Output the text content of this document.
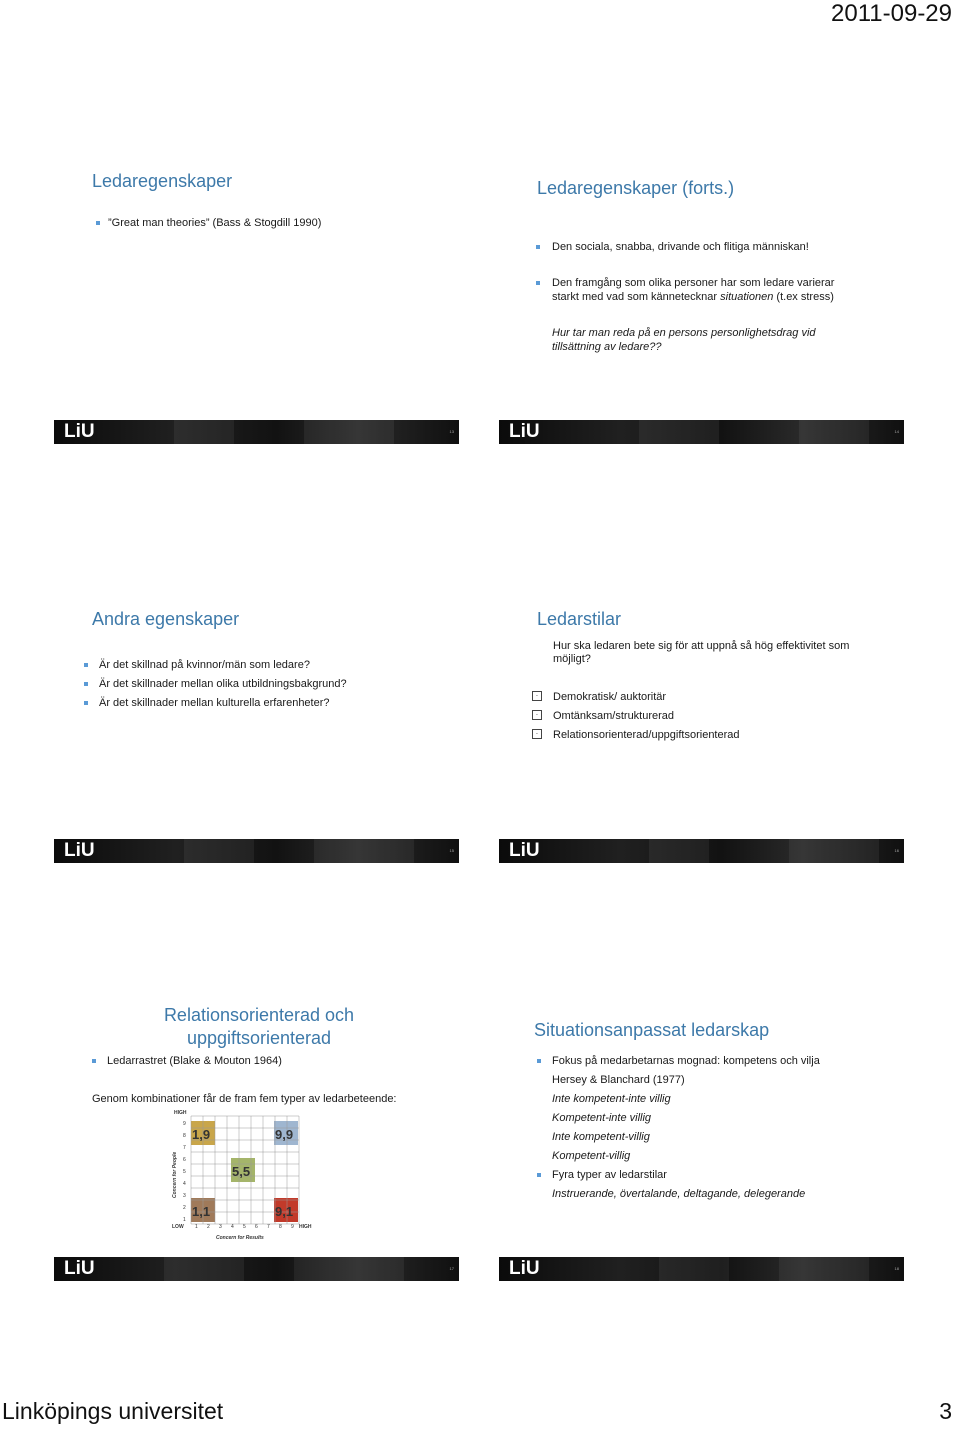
2011-09-29
Linköpings universitet	3
Ledaregenskaper
”Great man theories” (Bass & Stogdill 1990)
LiU	13
Ledaregenskaper (forts.)
Den sociala, snabba, drivande och flitiga människan!
Den framgång som olika personer har som ledare varierar
starkt med vad som kännetecknar situationen (t.ex stress)
Hur tar man reda på en persons personlighetsdrag vid
tillsättning av ledare??
LiU	14
Andra egenskaper
Är det skillnad på kvinnor/män som ledare?
Är det skillnader mellan olika utbildningsbakgrund?
Är det skillnader mellan kulturella erfarenheter?
LiU	15
Ledarstilar
Hur ska ledaren bete sig för att uppnå så hög effektivitet som
möjligt?
·	Demokratisk/ auktoritär
·	Omtänksam/strukturerad
·	Relationsorienterad/uppgiftsorienterad
LiU	16
Relationsorienterad och
uppgiftsorienterad
Ledarrastret (Blake & Mouton 1964)
Genom kombinationer får de fram fem typer av ledarbeteende:
HIGH
LOW	HIGH
1
2
3
4
5
6
7
8
9
1 2 3 4 5 6 7 8 9
Concern for People
Concern for Results
1,9	9,9
5,5
1,1	9,1
LiU	17
Situationsanpassat ledarskap
Fokus på medarbetarnas mognad: kompetens och vilja
Hersey & Blanchard (1977)
Inte kompetent-inte villig
Kompetent-inte villig
Inte kompetent-villig
Kompetent-villig
Fyra typer av ledarstilar
Instruerande, övertalande, deltagande, delegerande
LiU	18
